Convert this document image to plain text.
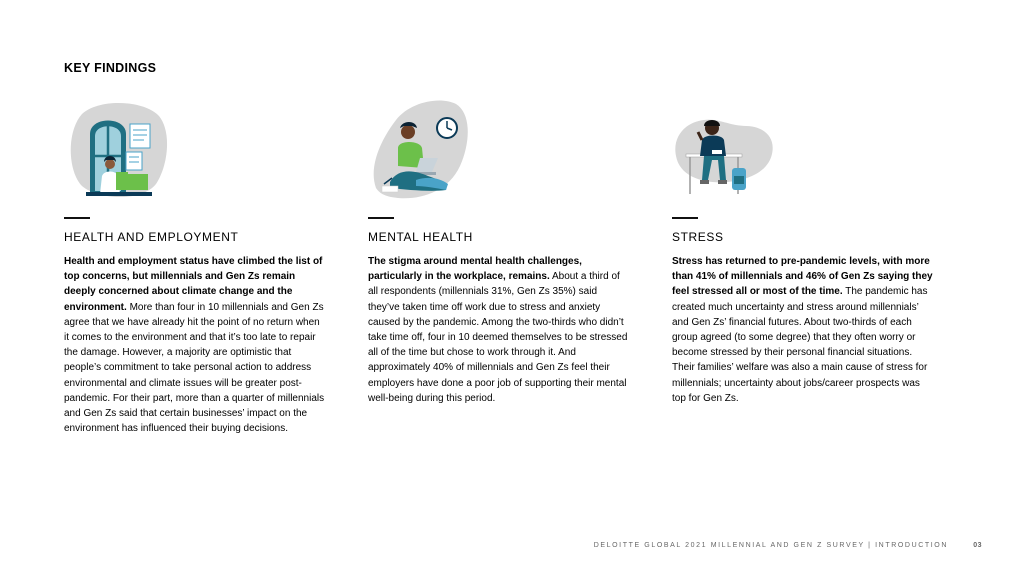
KEY FINDINGS
HEALTH AND EMPLOYMENT

Health and employment status have climbed the list of top concerns, but millennials and Gen Zs remain deeply concerned about climate change and the environment. More than four in 10 millennials and Gen Zs agree that we have already hit the point of no return when it comes to the environment and that it’s too late to repair the damage. However, a majority are optimistic that people’s commitment to take personal action to address environmental and climate issues will be greater post-pandemic. For their part, more than a quarter of millennials and Gen Zs said that certain businesses’ impact on the environment has influenced their buying decisions.

MENTAL HEALTH

The stigma around mental health challenges, particularly in the workplace, remains. About a third of all respondents (millennials 31%, Gen Zs 35%) said they’ve taken time off work due to stress and anxiety caused by the pandemic. Among the two-thirds who didn’t take time off, four in 10 deemed themselves to be stressed all of the time but chose to work through it. And approximately 40% of millennials and Gen Zs feel their employers have done a poor job of supporting their mental well-being during this period.

STRESS

Stress has returned to pre-pandemic levels, with more than 41% of millennials and 46% of Gen Zs saying they feel stressed all or most of the time. The pandemic has created much uncertainty and stress around millennials’ and Gen Zs’ financial futures. About two-thirds of each group agreed (to some degree) that they often worry or become stressed by their personal financial situations. Their families’ welfare was also a main cause of stress for millennials; uncertainty about jobs/career prospects was top for Gen Zs.

DELOITTE GLOBAL 2021 MILLENNIAL AND GEN Z SURVEY | INTRODUCTION	03
